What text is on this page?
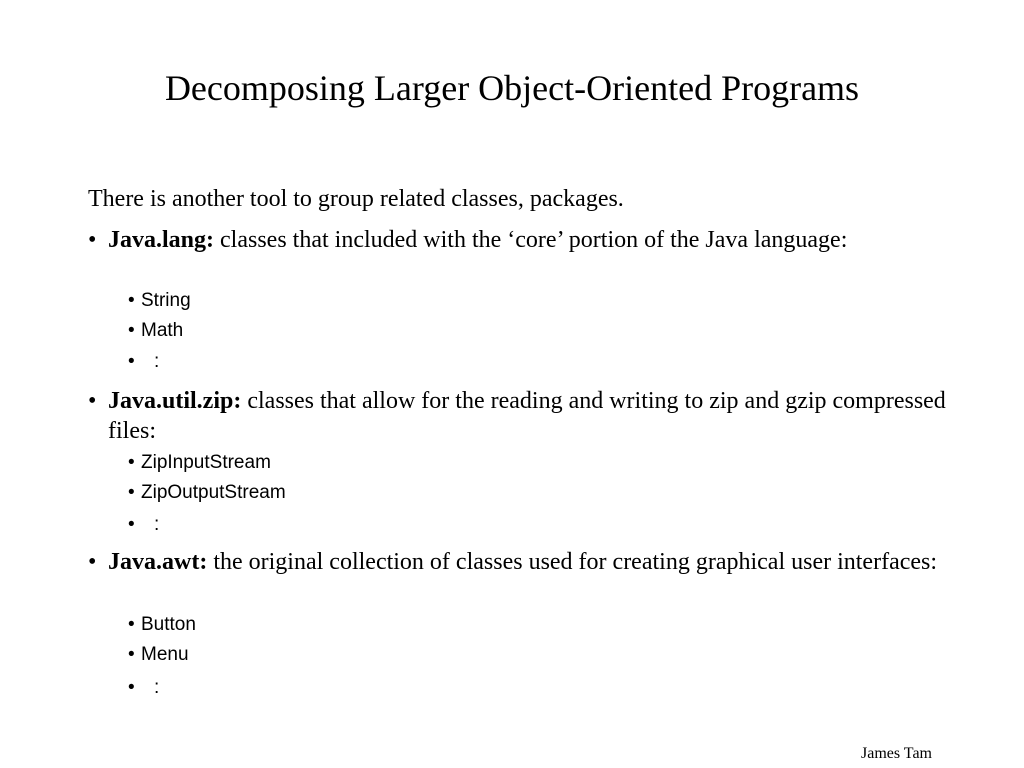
Decomposing Larger Object-Oriented Programs
There is another tool to group related classes, packages.
• Java.lang: classes that included with the ‘core’ portion of the Java language:
• String
• Math
• :
• Java.util.zip: classes that allow for the reading and writing to zip and gzip compressed files:
• ZipInputStream
• ZipOutputStream
• :
• Java.awt: the original collection of classes used for creating graphical user interfaces:
• Button
• Menu
• :
James Tam
